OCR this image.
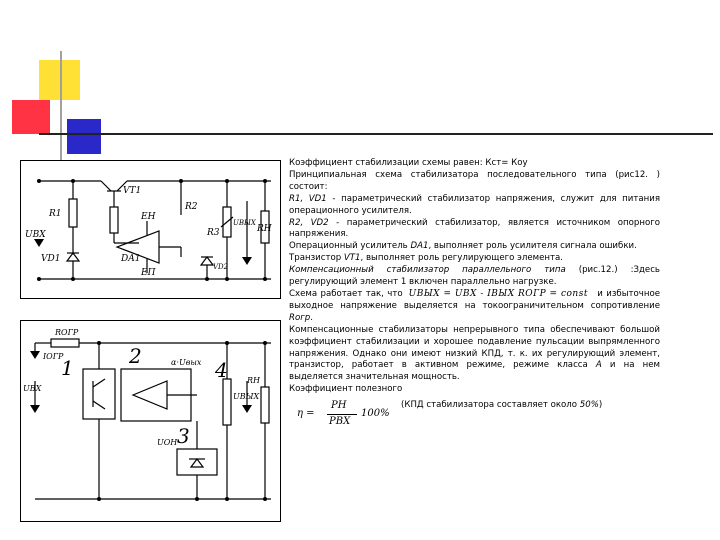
R1
VT1
R2
R3	RН
EН
EП
UВХ
UВЫХ
VD1	DA1
VD2
RОГР
IОГР
1	2
3
4
α·Uвых
UВХ
UОН
UВЫХ
RН

Коэффициент стабилизации схемы равен: Кст= Коу

Принципиальная схема стабилизатора последовательного типа (рис12. ) состоит:

R1, VD1 - параметрический стабилизатор напряжения, служит для питания операционного усилителя.

R2, VD2 - параметрический стабилизатор, является источником опорного напряжения.

Операционный усилитель DA1, выполняет роль усилителя сигнала ошибки.

Транзистор VT1, выполняет роль регулирующего элемента.

Компенсационный стабилизатор параллельного типа (рис.12.) :Здесь регулирующий элемент 1 включен параллельно нагрузке.

Схема работает так, что UВЫХ = UВХ - IВЫХ RОГР = const и избыточное выходное напряжение выделяется на токоограничительном сопротивление Rогр.

Компенсационные стабилизаторы непрерывного типа обеспечивают большой коэффициент стабилизации и хорошее подавление пульсации выпрямленного напряжения. Однако они имеют низкий КПД, т. к. их регулирующий элемент, транзистор, работает в активном режиме, режиме класса А и на нем выделяется значительная мощность.

Коэффициент полезного

η =
PН
PВХ
100%
(КПД стабилизатора составляет около 50%)
